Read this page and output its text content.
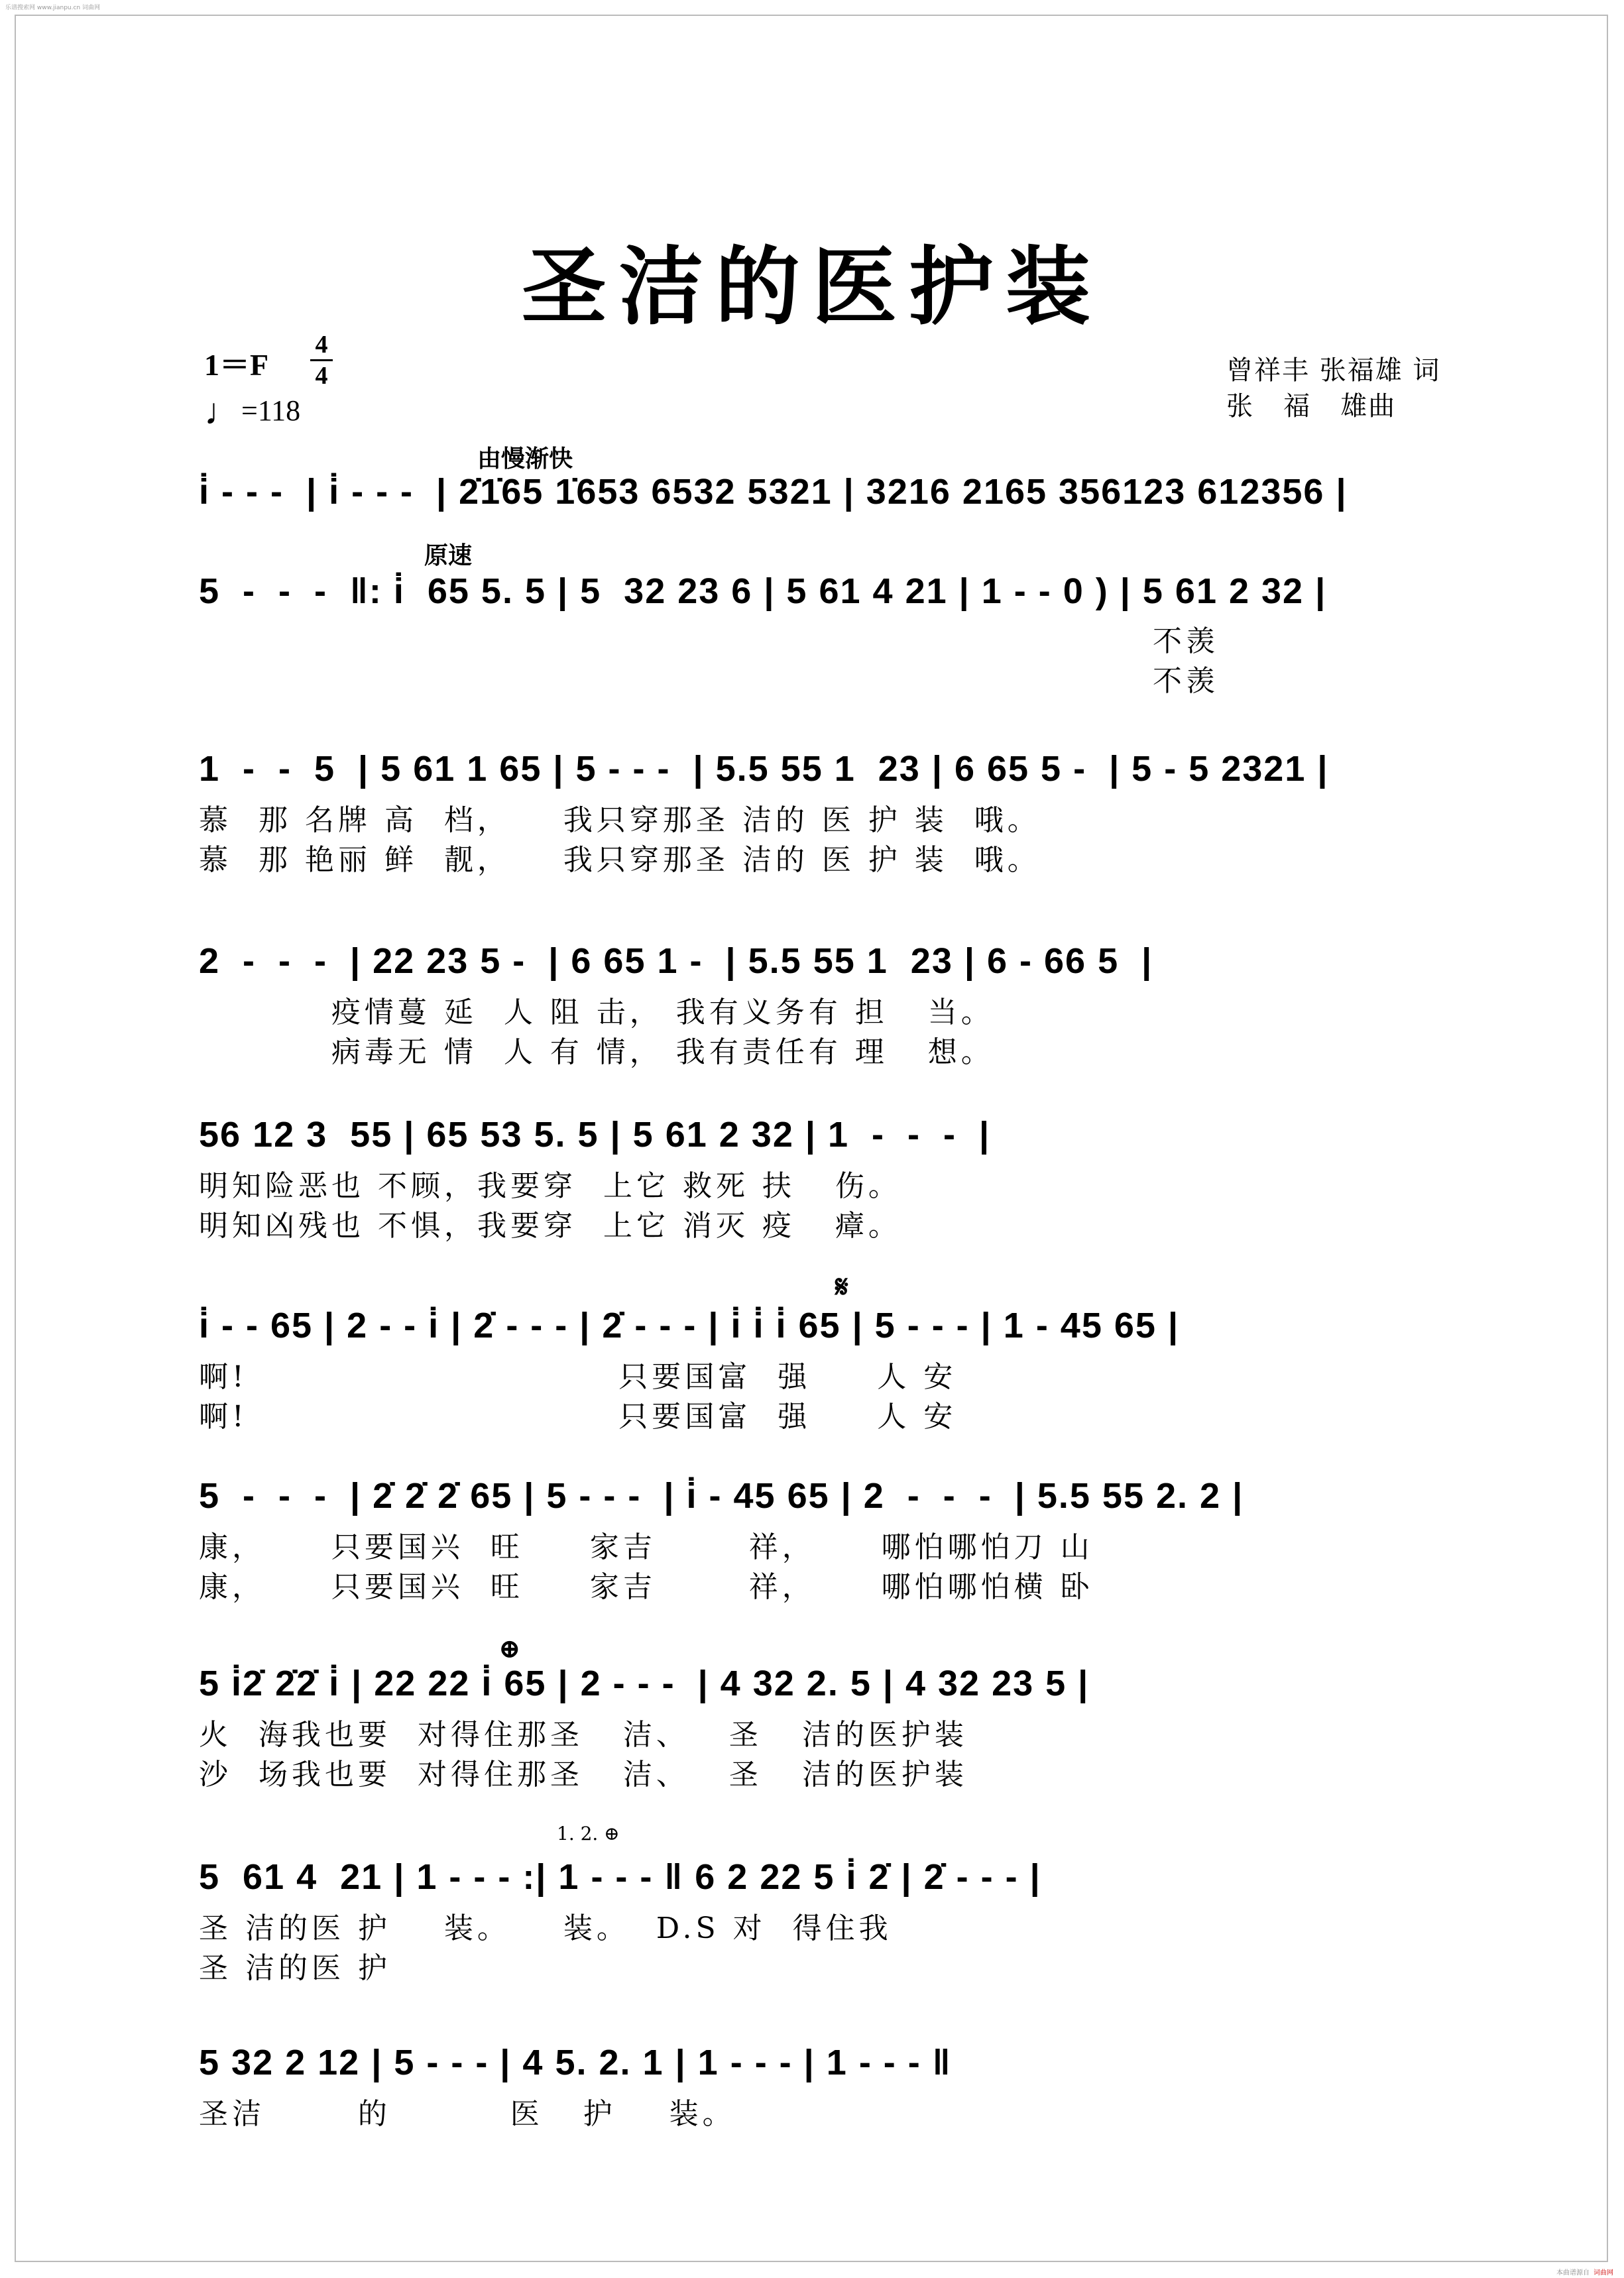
乐谱搜索网 www.jianpu.cn 词曲网
圣洁的医护装
1＝F
4
4
♩=118
曾祥丰 张福雄 词
张   福   雄曲
由慢渐快
i̇ - - -  | i̇ - - -  | 2̇1̇65 1̇653 6532 5321 | 3216 2165 356123 612356 |
原速
5  -  -  -  ‖: i̇  65 5. 5 | 5  32 23 6 | 5 61 4 21 | 1 - - 0 ) | 5 61 2 32 |
不羡
不羡
1  -  -  5  | 5 61 1 65 | 5 - - -  | 5.5 55 1  23 | 6 65 5 -  | 5 - 5 2321 |
慕  那 名牌 高  档，    我只穿那圣 洁的 医 护 装  哦。
慕  那 艳丽 鲜  靓，    我只穿那圣 洁的 医 护 装  哦。
2  -  -  -  | 22 23 5 -  | 6 65 1 -  | 5.5 55 1  23 | 6 - 66 5  |
疫情蔓 延  人 阻 击， 我有义务有 担   当。
病毒无 情  人 有 情， 我有责任有 理   想。
56 12 3  55 | 65 53 5. 5 | 5 61 2 32 | 1  -  -  -  |
明知险恶也 不顾，我要穿  上它 救死 扶   伤。
明知凶残也 不惧，我要穿  上它 消灭 疫   瘴。
𝄋
i̇ - - 65 | 2 - - i̇ | 2̇ - - - | 2̇ - - - | i̇ i̇ i̇ 65 | 5 - - - | 1 - 45 65 |
啊!                            只要国富  强     人 安
啊!                            只要国富  强     人 安
5  -  -  -  | 2̇ 2̇ 2̇ 65 | 5 - - -  | i̇ - 45 65 | 2  -  -  -  | 5.5 55 2. 2 |
康，     只要国兴  旺     家吉       祥，     哪怕哪怕刀 山
康，     只要国兴  旺     家吉       祥，     哪怕哪怕横 卧
⊕
5 i̇2̇ 2̇2̇ i̇ | 22 22 i̇ 65 | 2 - - -  | 4 32 2. 5 | 4 32 23 5 |
火  海我也要  对得住那圣   洁、   圣   洁的医护装
沙  场我也要  对得住那圣   洁、   圣   洁的医护装
1. 2. ⊕
5  61 4  21 | 1 - - - :| 1 - - - ‖ 6 2 22 5 i̇ 2̇ | 2̇ - - - |
圣 洁的医 护    装。    装。  D.S 对  得住我
圣 洁的医 护
5 32 2 12 | 5 - - - | 4 5. 2. 1 | 1 - - - | 1 - - - ‖
圣洁       的         医   护    装。
本曲谱源自 词曲网
